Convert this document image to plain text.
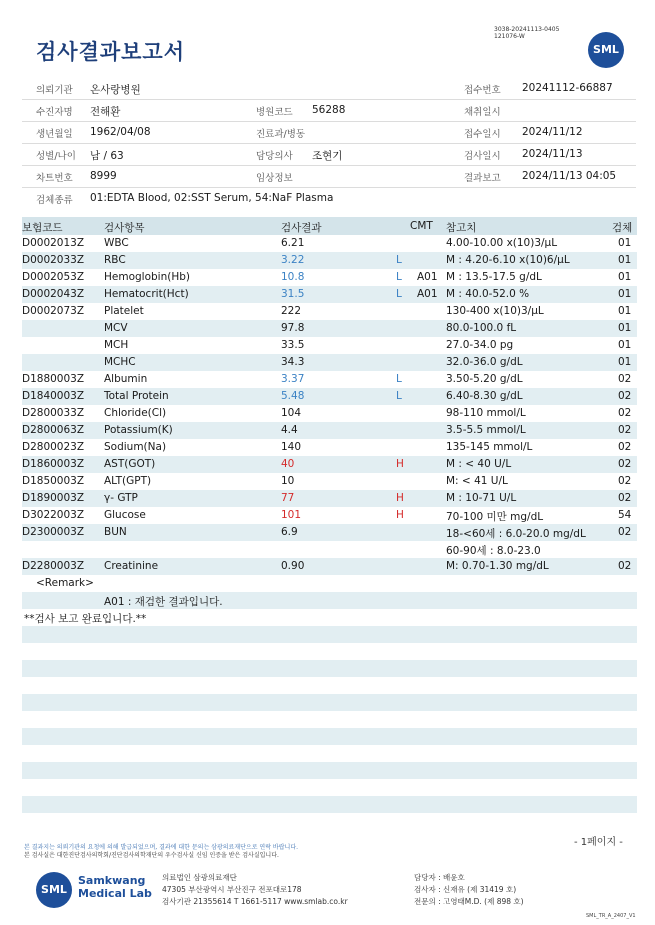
검사결과보고서
3038-20241113-0405
121076-W
SML
의뢰기관 온사랑병원	접수번호 20241112-66887
수진자명 전해환	병원코드 56288	채취일시
생년월일 1962/04/08	진료과/병동	접수일시 2024/11/12
성별/나이 남 / 63	담당의사 조현기	검사일시 2024/11/13
차트번호 8999	임상정보	결과보고 2024/11/13 04:05
검체종류 01:EDTA Blood, 02:SST Serum, 54:NaF Plasma
보험코드	검사항목	검사결과	CMT 참고치	검체
D0002013Z WBC	6.21	4.00-10.00 x(10)3/μL	01
D0002033Z RBC	3.22	L	M : 4.20-6.10 x(10)6/μL	01
D0002053Z Hemoglobin(Hb)	10.8	L A01 M : 13.5-17.5 g/dL	01
D0002043Z Hematocrit(Hct)	31.5	L A01 M : 40.0-52.0 %	01
D0002073Z Platelet	222	130-400 x(10)3/μL	01
MCV	97.8	80.0-100.0 fL	01
MCH	33.5	27.0-34.0 pg	01
MCHC	34.3	32.0-36.0 g/dL	01
D1880003Z Albumin	3.37	L	3.50-5.20 g/dL	02
D1840003Z Total Protein	5.48	L	6.40-8.30 g/dL	02
D2800033Z Chloride(Cl)	104	98-110 mmol/L	02
D2800063Z Potassium(K)	4.4	3.5-5.5 mmol/L	02
D2800023Z Sodium(Na)	140	135-145 mmol/L	02
D1860003Z AST(GOT)	40	H	M : < 40 U/L	02
D1850003Z ALT(GPT)	10	M: < 41 U/L	02
D1890003Z γ- GTP	77	H	M : 10-71 U/L	02
D3022003Z Glucose	101	H	70-100 미만 mg/dL	54
D2300003Z BUN	6.9	18-<60세 : 6.0-20.0 mg/dL	02
60-90세 : 8.0-23.0
D2280003Z Creatinine	0.90	M: 0.70-1.30 mg/dL	02
<Remark>
A01 : 재검한 결과입니다.
**검사 보고 완료입니다.**
- 1페이지 -
본 결과지는 의뢰기관의 요청에 의해 발급되었으며, 결과에 대한 문의는 삼광의료재단으로 연락 바랍니다.
본 검사실은 대한진단검사의학회/진단검사의학재단의 우수검사실 신임 인증을 받은 검사실입니다.
SML
Samkwang
Medical Lab
의료법인 삼광의료재단
47305 부산광역시 부산진구 전포대로178
검사기관 21355614 T 1661-5117 www.smlab.co.kr
담당자 : 배윤호
검사자 : 신재유 (제 31419 호)
전문의 : 고영태M.D. (제 898 호)
SML_TR_A_2407_V1
